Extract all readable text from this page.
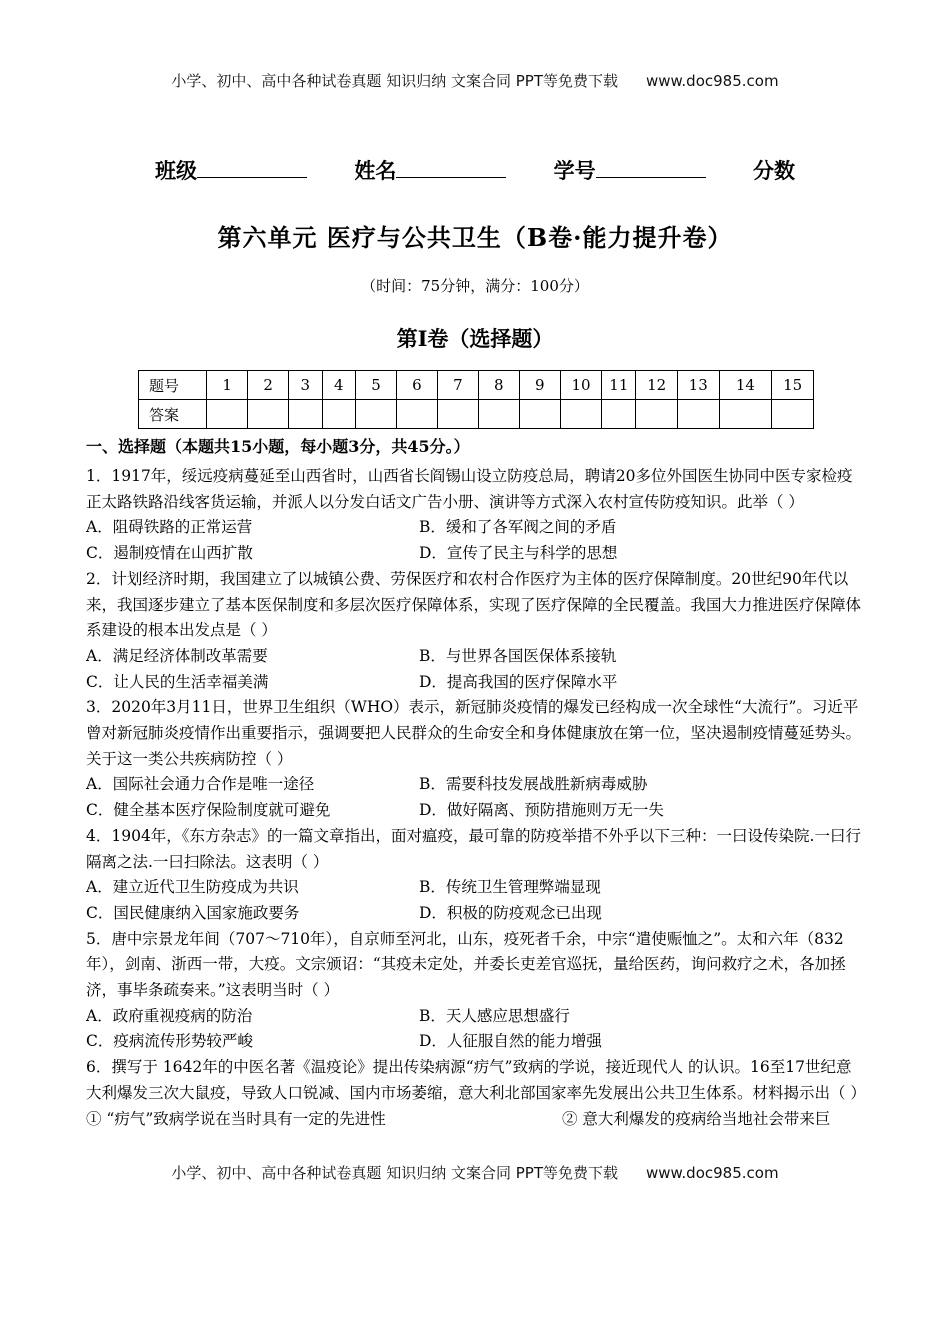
小学、初中、高中各种试卷真题 知识归纳 文案合同 PPT等免费下载 www.doc985.com
班级	姓名	学号	分数
第六单元 医疗与公共卫生（B卷·能力提升卷）
（时间：75分钟，满分：100分）
第Ⅰ卷（选择题）
题号	1	2	3	4	5	6	7	8	9	10	11	12	13	14	15
答案															
一、选择题（本题共15小题，每小题3分，共45分。）

1．1917年，绥远疫病蔓延至山西省时，山西省长阎锡山设立防疫总局，聘请20多位外国医生协同中医专家检疫正太路铁路沿线客货运输，并派人以分发白话文广告小册、演讲等方式深入农村宣传防疫知识。此举（ ）

A．阻碍铁路的正常运营	B．缓和了各军阀之间的矛盾
C．遏制疫情在山西扩散	D．宣传了民主与科学的思想

2．计划经济时期，我国建立了以城镇公费、劳保医疗和农村合作医疗为主体的医疗保障制度。20世纪90年代以来，我国逐步建立了基本医保制度和多层次医疗保障体系，实现了医疗保障的全民覆盖。我国大力推进医疗保障体系建设的根本出发点是（ ）

A．满足经济体制改革需要	B．与世界各国医保体系接轨
C．让人民的生活幸福美满	D．提高我国的医疗保障水平

3．2020年3月11日，世界卫生组织（WHO）表示，新冠肺炎疫情的爆发已经构成一次全球性“大流行”。习近平曾对新冠肺炎疫情作出重要指示，强调要把人民群众的生命安全和身体健康放在第一位，坚决遏制疫情蔓延势头。关于这一类公共疾病防控（ ）

A．国际社会通力合作是唯一途径	B．需要科技发展战胜新病毒威胁
C．健全基本医疗保险制度就可避免	D．做好隔离、预防措施则万无一失

4．1904年，《东方杂志》的一篇文章指出，面对瘟疫，最可靠的防疫举措不外乎以下三种：一曰设传染院.一曰行隔离之法.一曰扫除法。这表明（ ）

A．建立近代卫生防疫成为共识	B．传统卫生管理弊端显现
C．国民健康纳入国家施政要务	D．积极的防疫观念已出现

5．唐中宗景龙年间（707～710年），自京师至河北，山东，疫死者千余，中宗“遣使赈恤之”。太和六年（832年），剑南、浙西一带，大疫。文宗颁诏：“其疫未定处，并委长吏差官巡抚，量给医药，询问救疗之术，各加拯济，事毕条疏奏来。”这表明当时（ ）

A．政府重视疫病的防治	B．天人感应思想盛行
C．疫病流传形势较严峻	D．人征服自然的能力增强

6．撰写于 1642年的中医名著《温疫论》提出传染病源“疠气”致病的学说，接近现代人 的认识。16至17世纪意大利爆发三次大鼠疫，导致人口锐减、国内市场萎缩，意大利北部国家率先发展出公共卫生体系。材料揭示出（ ）

① “疠气”致病学说在当时具有一定的先进性	② 意大利爆发的疫病给当地社会带来巨
小学、初中、高中各种试卷真题 知识归纳 文案合同 PPT等免费下载 www.doc985.com
